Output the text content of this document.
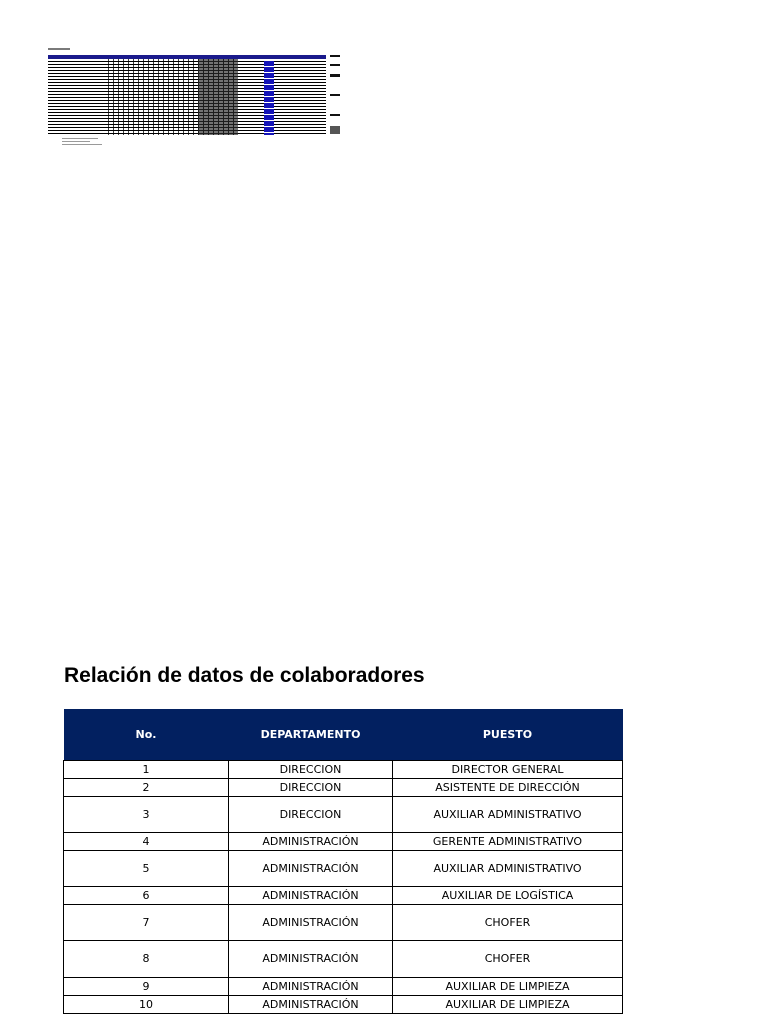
Relación de datos de colaboradores
No.	DEPARTAMENTO	PUESTO
1	DIRECCION	DIRECTOR GENERAL
2	DIRECCION	ASISTENTE DE DIRECCIÓN
3	DIRECCION	AUXILIAR ADMINISTRATIVO
4	ADMINISTRACIÓN	GERENTE ADMINISTRATIVO
5	ADMINISTRACIÓN	AUXILIAR ADMINISTRATIVO
6	ADMINISTRACIÓN	AUXILIAR DE LOGÍSTICA
7	ADMINISTRACIÓN	CHOFER
8	ADMINISTRACIÓN	CHOFER
9	ADMINISTRACIÓN	AUXILIAR DE LIMPIEZA
10	ADMINISTRACIÓN	AUXILIAR DE LIMPIEZA
